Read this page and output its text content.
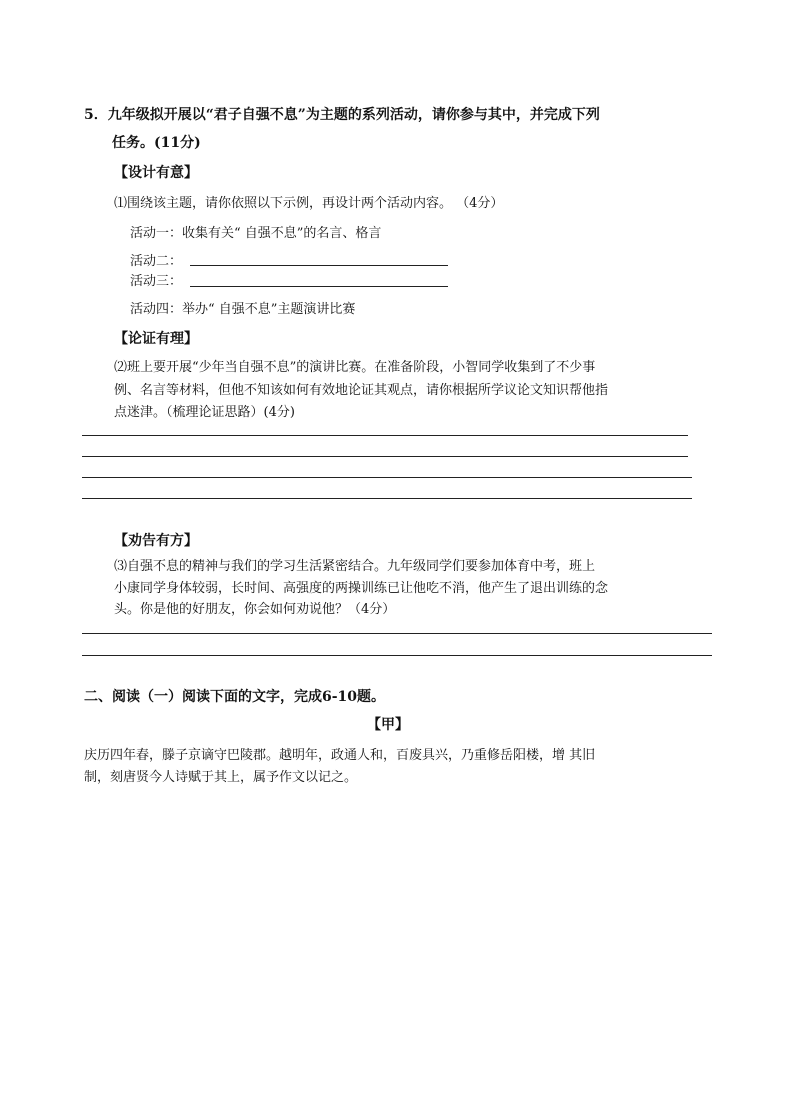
5．九年级拟开展以“君子自强不息”为主题的系列活动，请你参与其中，并完成下列
任务。(11分)
【设计有意】
⑴围绕该主题，请你依照以下示例，再设计两个活动内容。 （4分）
活动一：收集有关“ 自强不息”的名言、格言
活动二：
活动三：
活动四：举办“ 自强不息”主题演讲比赛
【论证有理】
⑵班上要开展“少年当自强不息”的演讲比赛。在准备阶段，小智同学收集到了不少事
例、名言等材料，但他不知该如何有效地论证其观点，请你根据所学议论文知识帮他指
点迷津。（梳理论证思路）(4分)
【劝告有方】
⑶自强不息的精神与我们的学习生活紧密结合。九年级同学们要参加体育中考，班上
小康同学身体较弱，长时间、高强度的两操训练已让他吃不消，他产生了退出训练的念
头。你是他的好朋友，你会如何劝说他？（4分）
二、阅读（一）阅读下面的文字，完成6-10题。
【甲】
庆历四年春，滕子京谪守巴陵郡。越明年，政通人和，百废具兴，乃重修岳阳楼，增 其旧
制，刻唐贤今人诗赋于其上，属予作文以记之。
